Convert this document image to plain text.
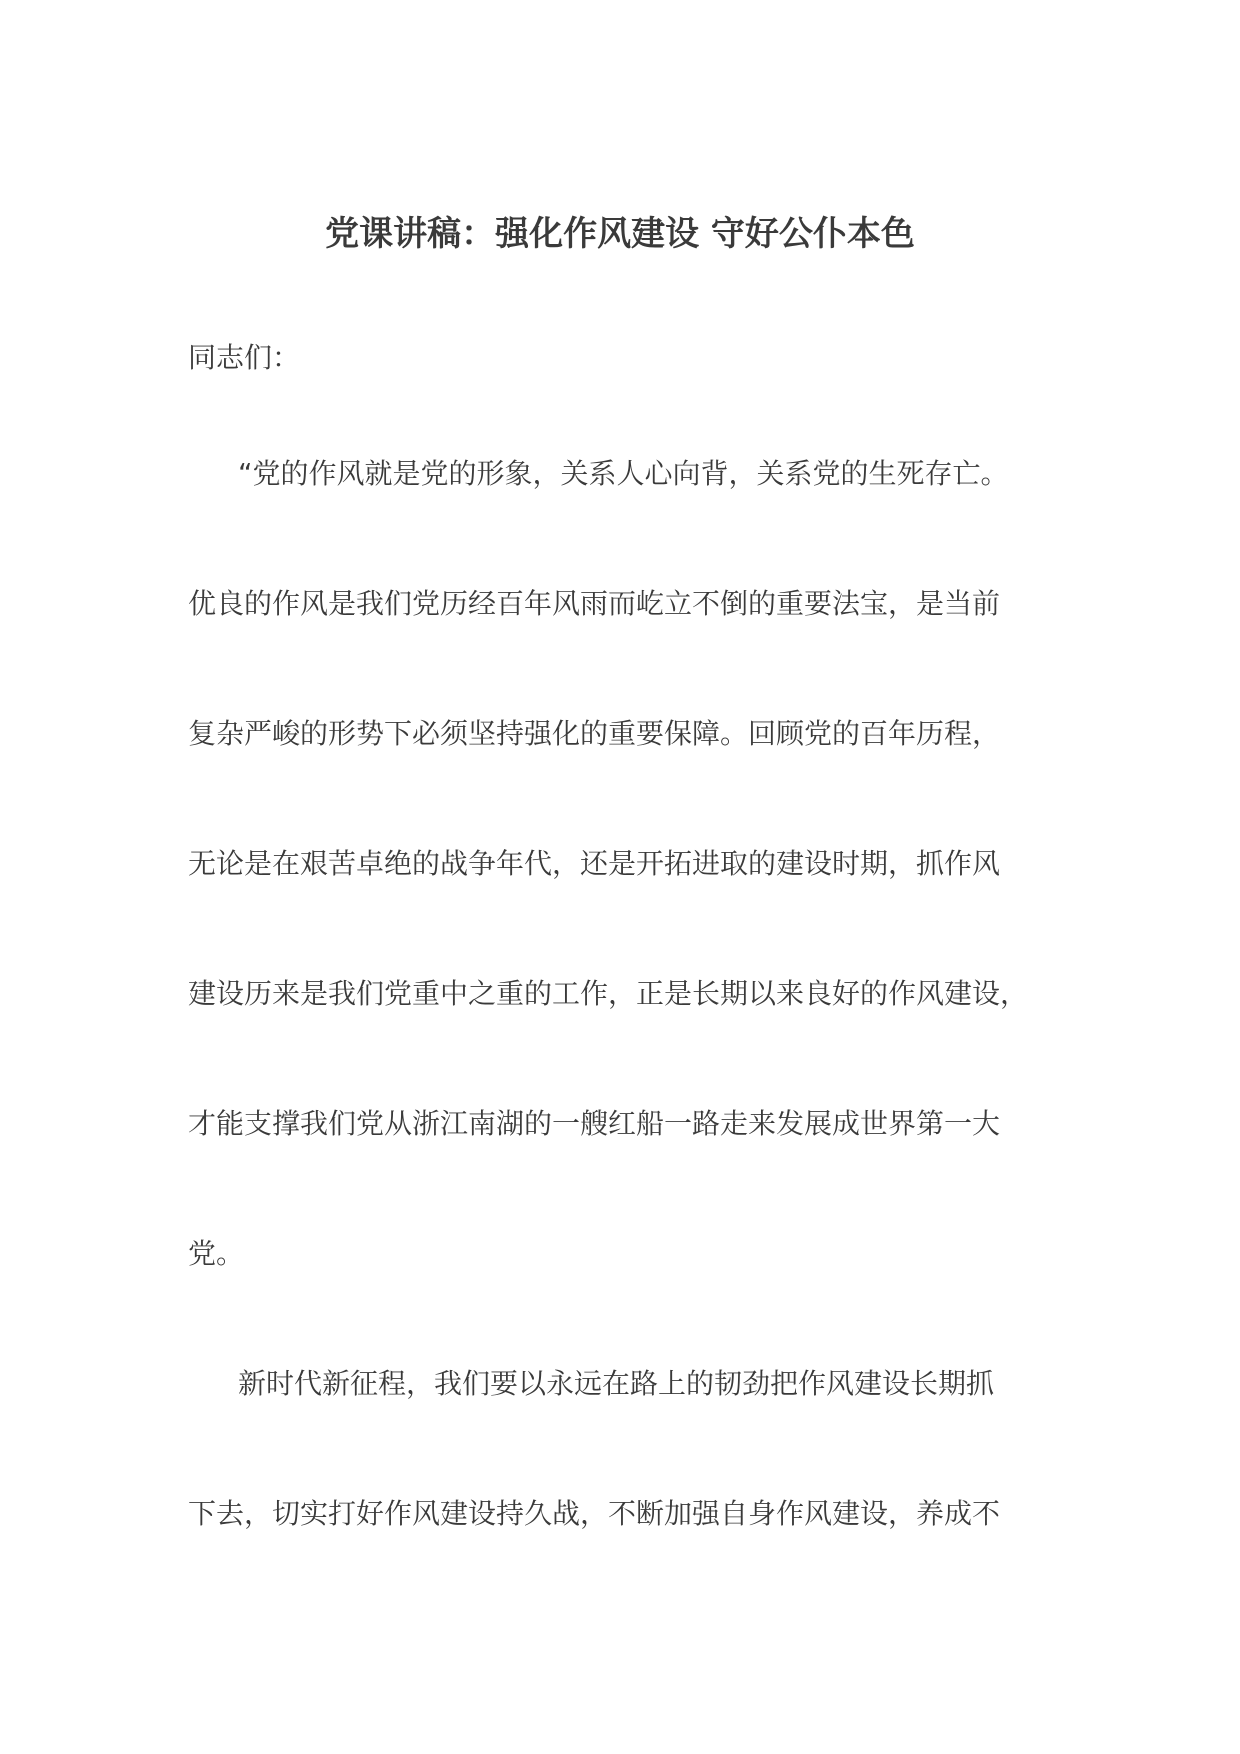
党课讲稿：强化作风建设 守好公仆本色
同志们：
“党的作风就是党的形象，关系人心向背，关系党的生死存亡。
优良的作风是我们党历经百年风雨而屹立不倒的重要法宝，是当前
复杂严峻的形势下必须坚持强化的重要保障。回顾党的百年历程，
无论是在艰苦卓绝的战争年代，还是开拓进取的建设时期，抓作风
建设历来是我们党重中之重的工作，正是长期以来良好的作风建设，
才能支撑我们党从浙江南湖的一艘红船一路走来发展成世界第一大
党。
新时代新征程，我们要以永远在路上的韧劲把作风建设长期抓
下去，切实打好作风建设持久战，不断加强自身作风建设，养成不
